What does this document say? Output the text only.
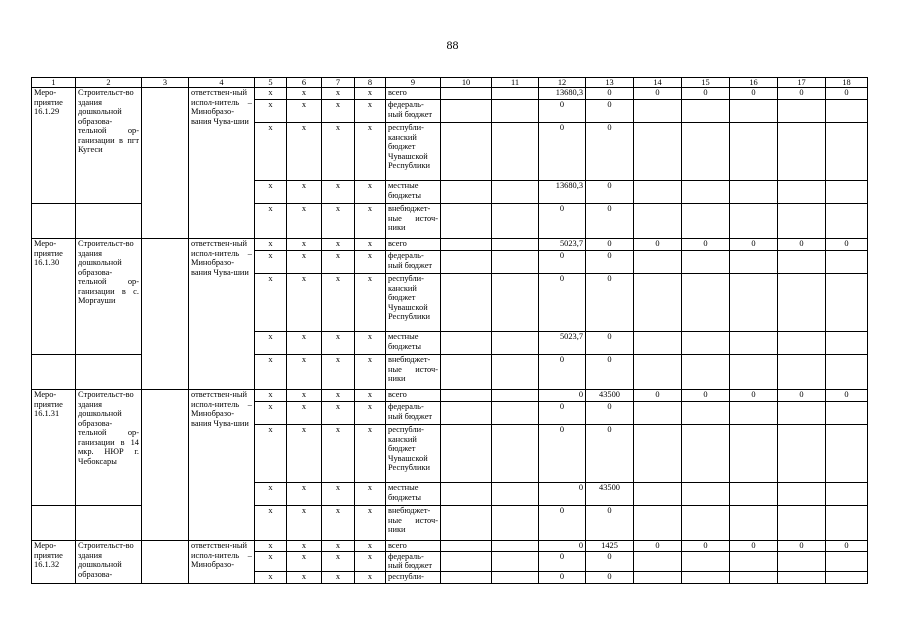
88
1	2	3	4	5	6	7	8	9	10	11	12	13	14	15	16	17	18
Меро-приятие 16.1.29	Строительст-во здания дошкольной образова-тельной ор-ганизации в пгт Кугеси		ответствен-ный испол-нитель – Минобразо-вания Чува-шии	x	x	x	x	всего			13680,3	0	0	0	0	0	0
				x	x	x	x	федераль-ный бюджет			0	0					
				x	x	x	x	республи-канский бюджет Чувашской Республики			0	0					
				x	x	x	x	местные бюджеты			13680,3	0					
				x	x	x	x	внебюджет-ные источ-ники			0	0					
Меро-приятие 16.1.30	Строительст-во здания дошкольной образова-тельной ор-ганизации в с. Моргауши		ответствен-ный испол-нитель – Минобразо-вания Чува-шии	x	x	x	x	всего			5023,7	0	0	0	0	0	0
				x	x	x	x	федераль-ный бюджет			0	0					
				x	x	x	x	республи-канский бюджет Чувашской Республики			0	0					
				x	x	x	x	местные бюджеты			5023,7	0					
				x	x	x	x	внебюджет-ные источ-ники			0	0					
Меро-приятие 16.1.31	Строительст-во здания дошкольной образова-тельной ор-ганизации в 14 мкр. НЮР г. Чебоксары		ответствен-ный испол-нитель – Минобразо-вания Чува-шии	x	x	x	x	всего			0	43500	0	0	0	0	0
				x	x	x	x	федераль-ный бюджет			0	0					
				x	x	x	x	республи-канский бюджет Чувашской Республики			0	0					
				x	x	x	x	местные бюджеты			0	43500					
				x	x	x	x	внебюджет-ные источ-ники			0	0					
Меро-приятие 16.1.32	Строительст-во здания дошкольной образова-		ответствен-ный испол-нитель – Минобразо-	x	x	x	x	всего			0	1425	0	0	0	0	0
				x	x	x	x	федераль-ный бюджет			0	0					
				x	x	x	x	республи-			0	0					
